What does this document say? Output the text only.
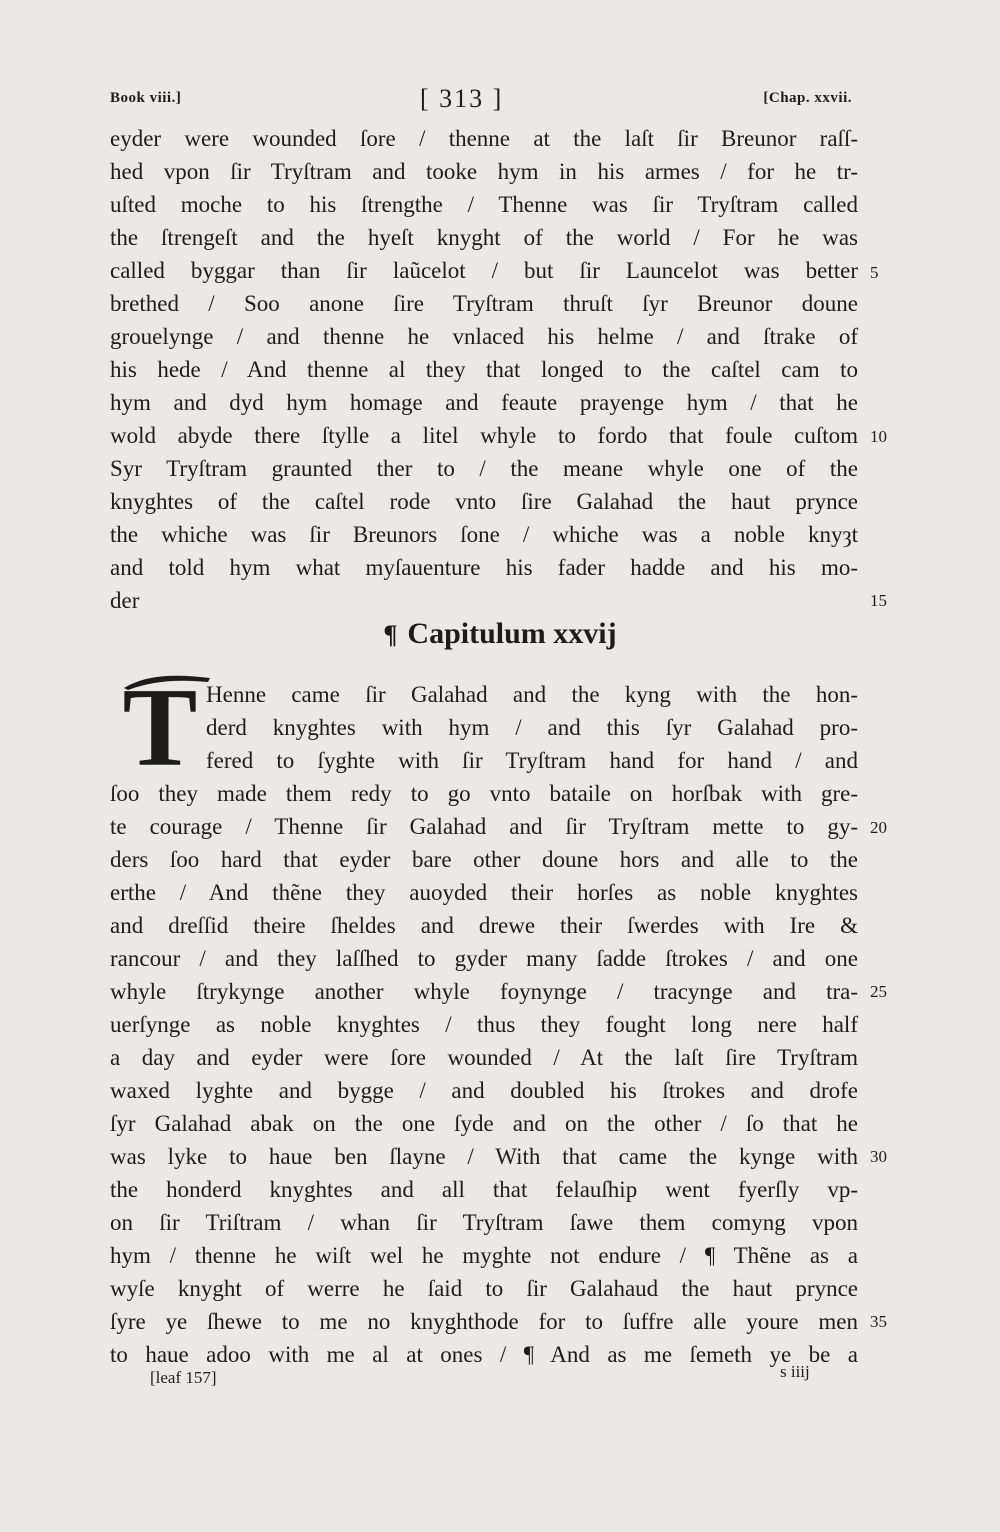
Book viii.]	[ 313 ]	[Chap. xxvii.
eyder were wounded ſore / thenne at the laſt ſir Breunor raſſ-
hed vpon ſir Tryſtram and tooke hym in his armes / for he tr-
uſted moche to his ſtrengthe / Thenne was ſir Tryſtram called
the ſtrengeſt and the hyeſt knyght of the world / For he was
called byggar than ſir laũcelot / but ſir Launcelot was better
brethed / Soo anone ſire Tryſtram thruſt ſyr Breunor doune
grouelynge / and thenne he vnlaced his helme / and ſtrake of
his hede / And thenne al they that longed to the caſtel cam to
hym and dyd hym homage and feaute prayenge hym / that he
wold abyde there ſtylle a litel whyle to fordo that foule cuſtom
Syr Tryſtram graunted ther to / the meane whyle one of the
knyghtes of the caſtel rode vnto ſire Galahad the haut prynce
the whiche was ſir Breunors ſone / whiche was a noble knyȝt
and told hym what myſauenture his fader hadde and his mo-
der
5
10
15
¶ Capitulum xxvij
T Henne came ſir Galahad and the kyng with the hon-
derd knyghtes with hym / and this ſyr Galahad pro-
fered to ſyghte with ſir Tryſtram hand for hand / and
ſoo they made them redy to go vnto bataile on horſbak with gre-
te courage / Thenne ſir Galahad and ſir Tryſtram mette to gy-
ders ſoo hard that eyder bare other doune hors and alle to the
erthe / And thẽne they auoyded their horſes as noble knyghtes
and dreſſid theire ſheldes and drewe their ſwerdes with Ire &
rancour / and they laſſhed to gyder many ſadde ſtrokes / and one
whyle ſtrykynge another whyle foynynge / tracynge and tra-
uerſynge as noble knyghtes / thus they fought long nere half
a day and eyder were ſore wounded / At the laſt ſire Tryſtram
waxed lyghte and bygge / and doubled his ſtrokes and drofe
ſyr Galahad abak on the one ſyde and on the other / ſo that he
was lyke to haue ben ſlayne / With that came the kynge with
the honderd knyghtes and all that felauſhip went fyerſly vp-
on ſir Triſtram / whan ſir Tryſtram ſawe them comyng vpon
hym / thenne he wiſt wel he myghte not endure / ¶ Thẽne as a
wyſe knyght of werre he ſaid to ſir Galahaud the haut prynce
ſyre ye ſhewe to me no knyghthode for to ſuffre alle youre men
to haue adoo with me al at ones / ¶ And as me ſemeth ye be a
20
25
30
35
[leaf 157]	s iiij
